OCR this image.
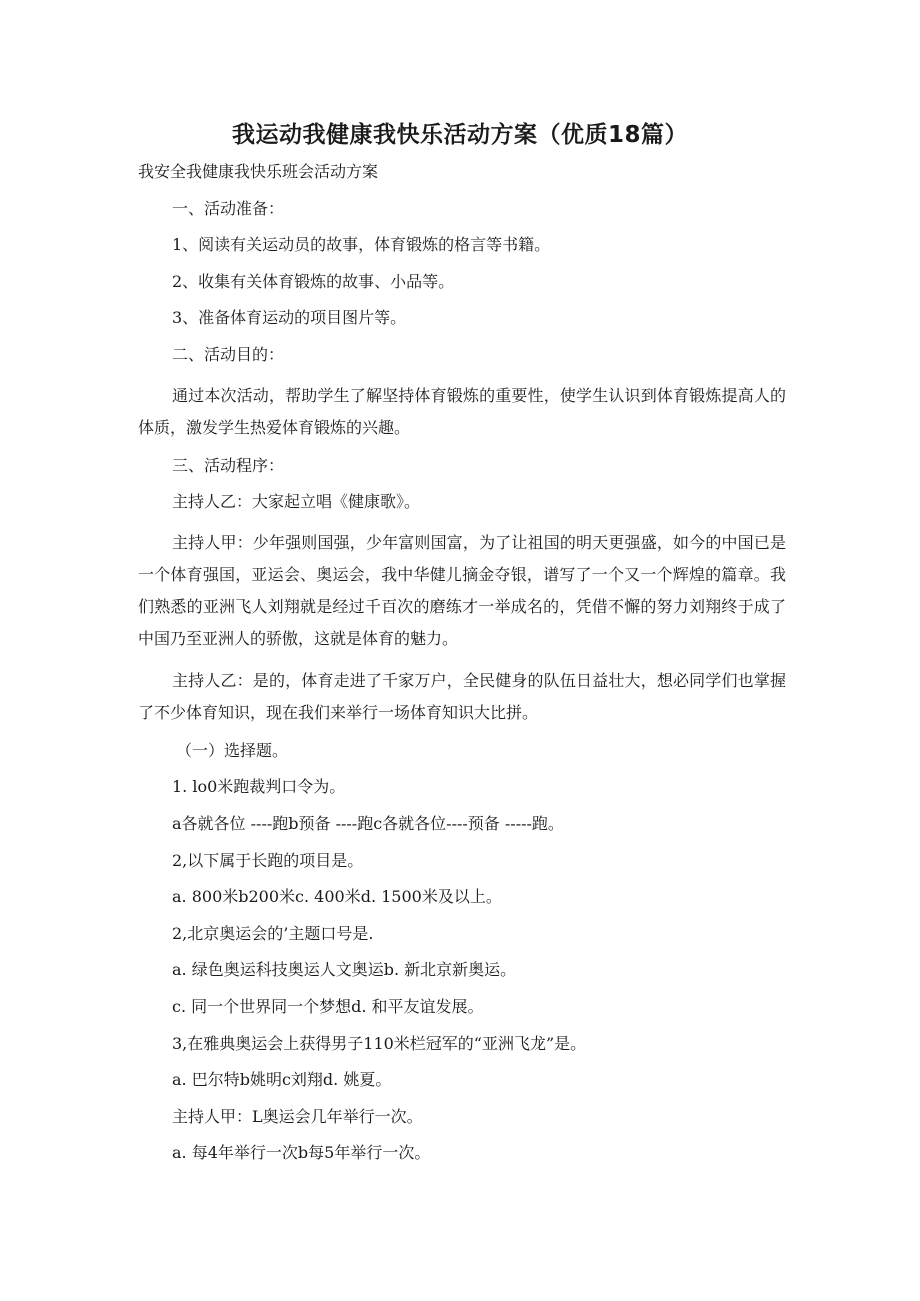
我运动我健康我快乐活动方案（优质18篇）

我安全我健康我快乐班会活动方案

一、活动准备：

1、阅读有关运动员的故事，体育锻炼的格言等书籍。

2、收集有关体育锻炼的故事、小品等。

3、准备体育运动的项目图片等。

二、活动目的：

通过本次活动，帮助学生了解坚持体育锻炼的重要性，使学生认识到体育锻炼提高人的体质，激发学生热爱体育锻炼的兴趣。

三、活动程序：

主持人乙：大家起立唱《健康歌》。

主持人甲：少年强则国强，少年富则国富，为了让祖国的明天更强盛，如今的中国已是一个体育强国，亚运会、奥运会，我中华健儿摘金夺银，谱写了一个又一个辉煌的篇章。我们熟悉的亚洲飞人刘翔就是经过千百次的磨练才一举成名的，凭借不懈的努力刘翔终于成了中国乃至亚洲人的骄傲，这就是体育的魅力。

主持人乙：是的，体育走进了千家万户，全民健身的队伍日益壮大，想必同学们也掌握了不少体育知识，现在我们来举行一场体育知识大比拼。

（一）选择题。

1. lo0米跑裁判口令为。

a各就各位 ----跑b预备 ----跑c各就各位----预备 -----跑。

2,以下属于长跑的项目是。

a. 800米b200米c. 400米d. 1500米及以上。

2,北京奥运会的’主题口号是.

a. 绿色奥运科技奥运人文奥运b. 新北京新奥运。

c. 同一个世界同一个梦想d. 和平友谊发展。

3,在雅典奥运会上获得男子110米栏冠军的“亚洲飞龙”是。

a. 巴尔特b姚明c刘翔d. 姚夏。

主持人甲：L奥运会几年举行一次。

a. 每4年举行一次b每5年举行一次。
